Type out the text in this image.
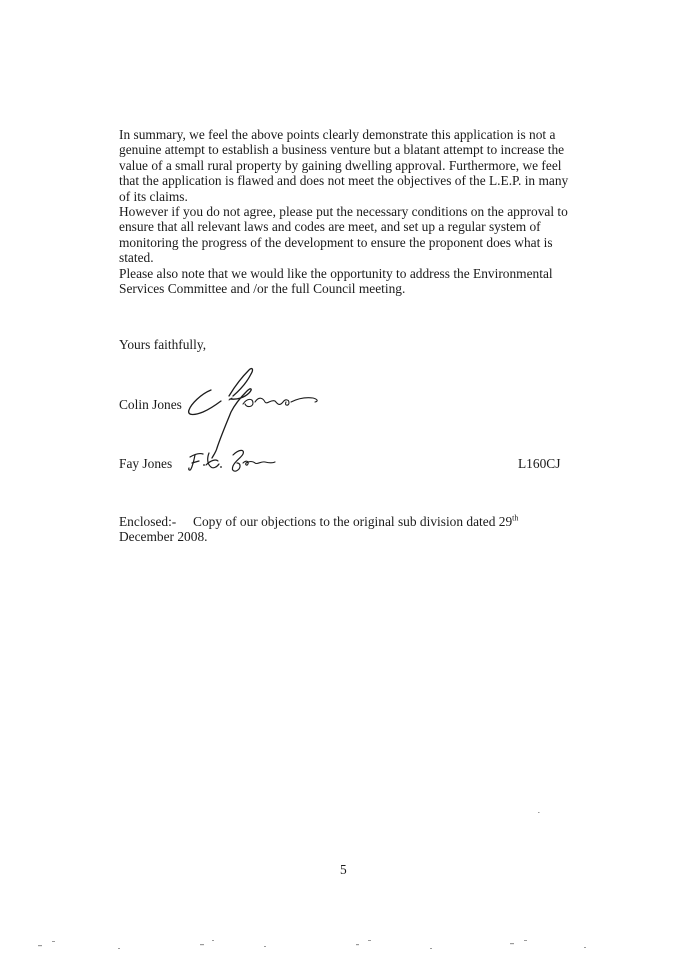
In summary, we feel the above points clearly demonstrate this application is not a genuine attempt to establish a business venture but a blatant attempt to increase the value of a small rural property by gaining dwelling approval. Furthermore, we feel that the application is flawed and does not meet the objectives of the L.E.P. in many of its claims.

However if you do not agree, please put the necessary conditions on the approval to ensure that all relevant laws and codes are meet, and set up a regular system of monitoring the progress of the development to ensure the proponent does what is stated.

Please also note that we would like the opportunity to address the Environmental Services Committee and /or the full Council meeting.

Yours faithfully,
Colin Jones
Fay Jones	L160CJ
Enclosed:- Copy of our objections to the original sub division dated 29th December 2008.
5
